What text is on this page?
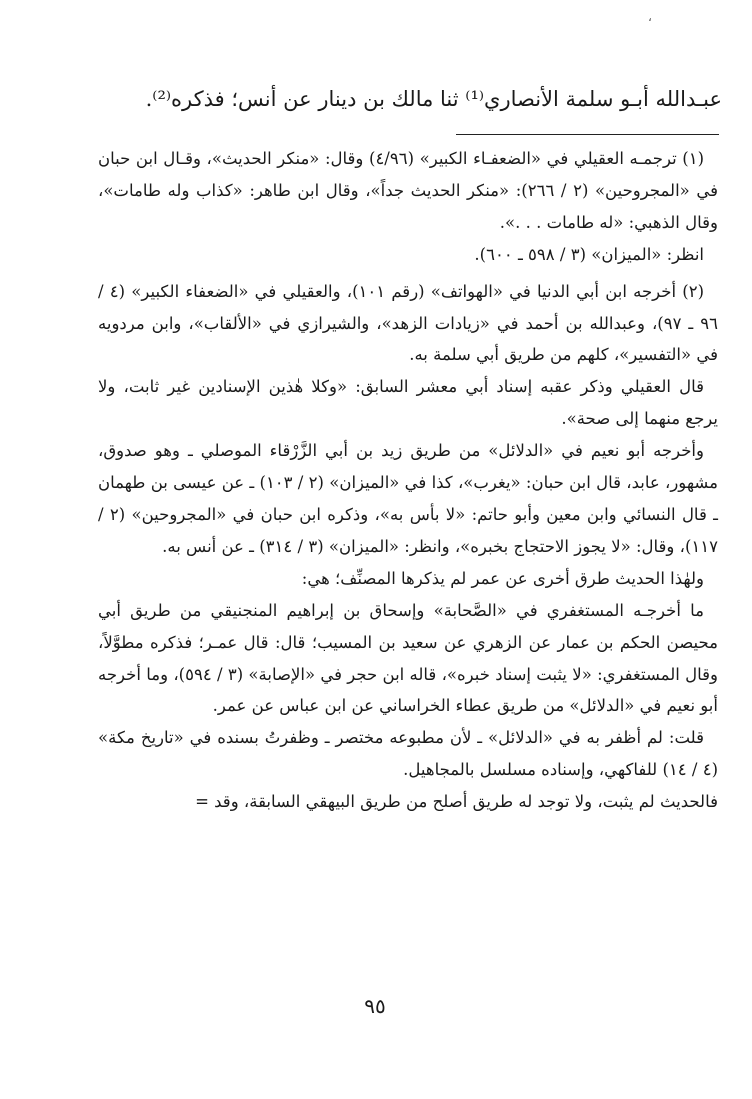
،
عبـدالله أبـو سلمة الأنصاري⁽¹⁾ ثنا مالك بن دينار عن أنس؛ فذكره⁽²⁾.

(١) ترجمـه العقيلي في «الضعفـاء الكبير» (٤/٩٦) وقال: «منكر الحديث»، وقـال ابن حبان في «المجروحين» (٢ / ٢٦٦): «منكر الحديث جداً»، وقال ابن طاهر: «كذاب وله طامات»، وقال الذهبي: «له طامات . . .».

انظر: «الميزان» (٣ / ٥٩٨ ـ ٦٠٠).

(٢) أخرجه ابن أبي الدنيا في «الهواتف» (رقم ١٠١)، والعقيلي في «الضعفاء الكبير» (٤ / ٩٦ ـ ٩٧)، وعبدالله بن أحمد في «زيادات الزهد»، والشيرازي في «الألقاب»، وابن مردويه في «التفسير»، كلهم من طريق أبي سلمة به.

قال العقيلي وذكر عقبه إسناد أبي معشر السابق: «وكلا هٰذين الإسنادين غير ثابت، ولا يرجع منهما إلى صحة».

وأخرجه أبو نعيم في «الدلائل» من طريق زيد بن أبي الزَّرْقاء الموصلي ـ وهو صدوق، مشهور، عابد، قال ابن حبان: «يغرب»، كذا في «الميزان» (٢ / ١٠٣) ـ عن عيسى بن طهمان ـ قال النسائي وابن معين وأبو حاتم: «لا بأس به»، وذكره ابن حبان في «المجروحين» (٢ / ١١٧)، وقال: «لا يجوز الاحتجاج بخبره»، وانظر: «الميزان» (٣ / ٣١٤) ـ عن أنس به.

ولهٰذا الحديث طرق أخرى عن عمر لم يذكرها المصنِّف؛ هي:

ما أخرجـه المستغفري في «الصَّحابة» وإسحاق بن إبراهيم المنجنيقي من طريق أبي محيصن الحكم بن عمار عن الزهري عن سعيد بن المسيب؛ قال: قال عمـر؛ فذكره مطوَّلاً، وقال المستغفري: «لا يثبت إسناد خبره»، قاله ابن حجر في «الإصابة» (٣ / ٥٩٤)، وما أخرجه أبو نعيم في «الدلائل» من طريق عطاء الخراساني عن ابن عباس عن عمر.

قلت: لم أظفر به في «الدلائل» ـ لأن مطبوعه مختصر ـ وظفرتُ بسنده في «تاريخ مكة» (٤ / ١٤) للفاكهي، وإسناده مسلسل بالمجاهيل.

فالحديث لم يثبت، ولا توجد له طريق أصلح من طريق البيهقي السابقة، وقد =

٩٥
